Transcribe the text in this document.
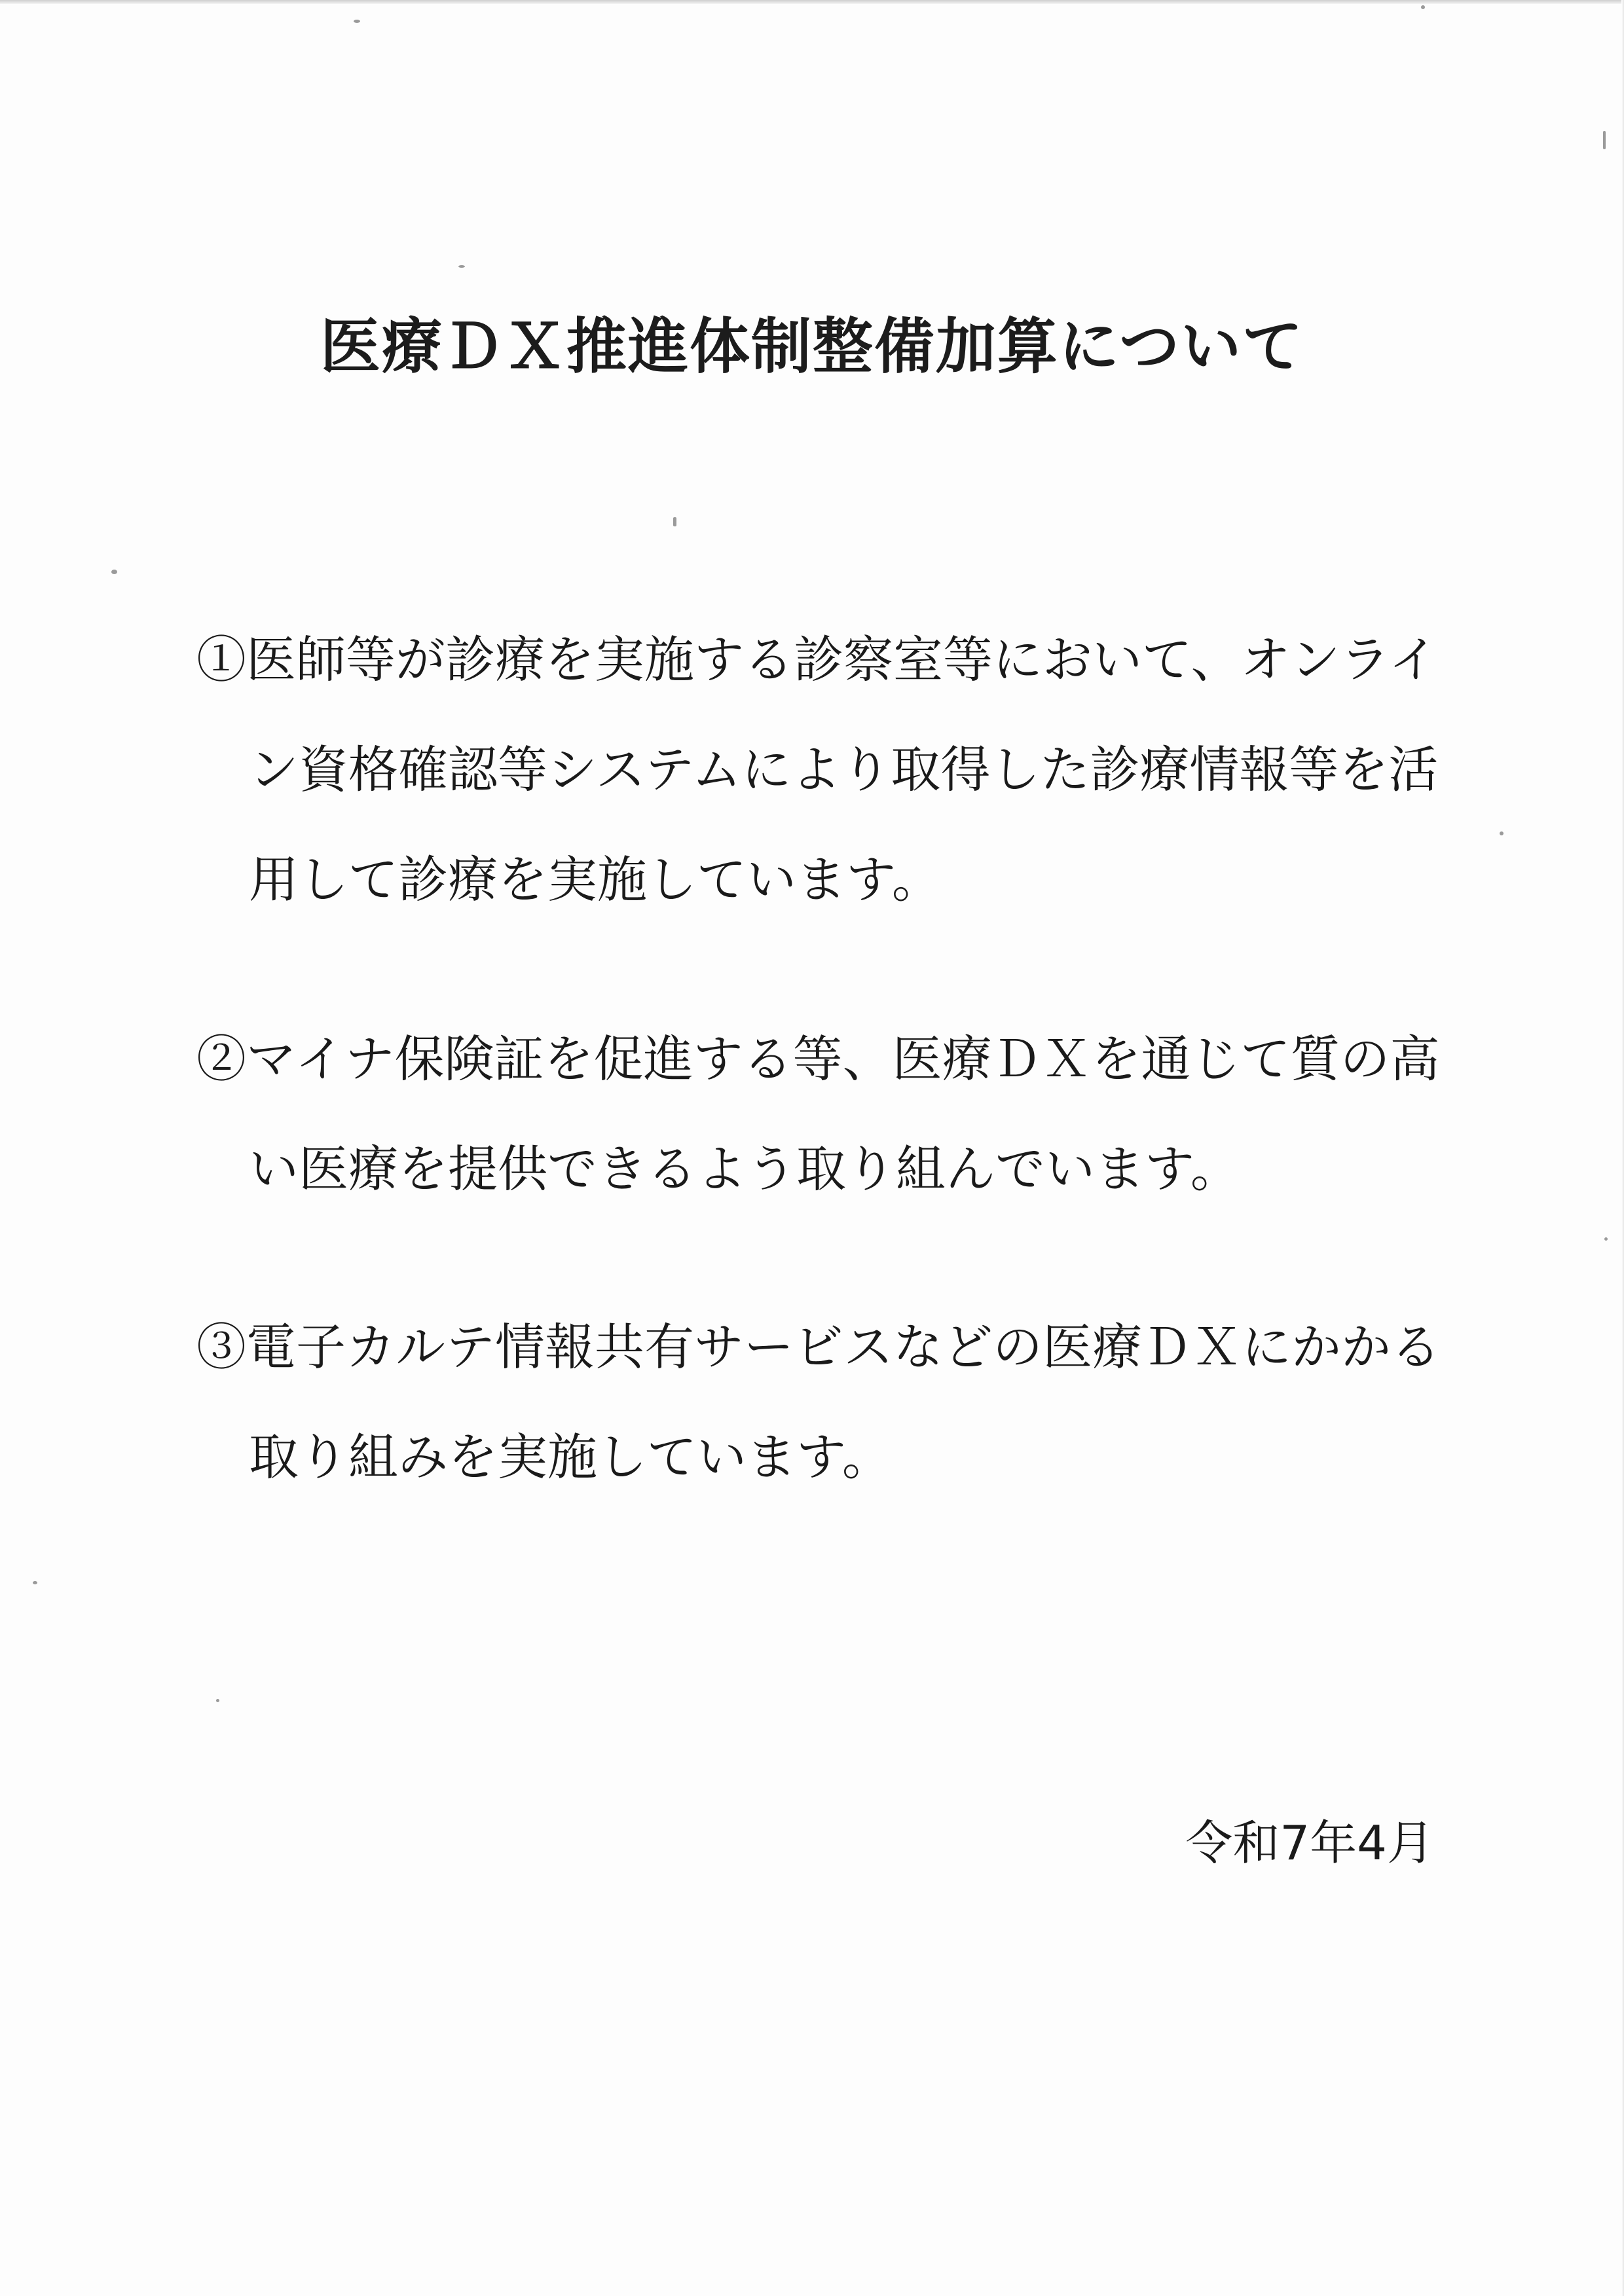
医療ＤＸ推進体制整備加算について
①医師等が診療を実施する診察室等において、オンライ
ン資格確認等システムにより取得した診療情報等を活
用して診療を実施しています。
②マイナ保険証を促進する等、医療ＤＸを通じて質の高
い医療を提供できるよう取り組んでいます。
③電子カルテ情報共有サービスなどの医療ＤＸにかかる
取り組みを実施しています。
令和7年4月
